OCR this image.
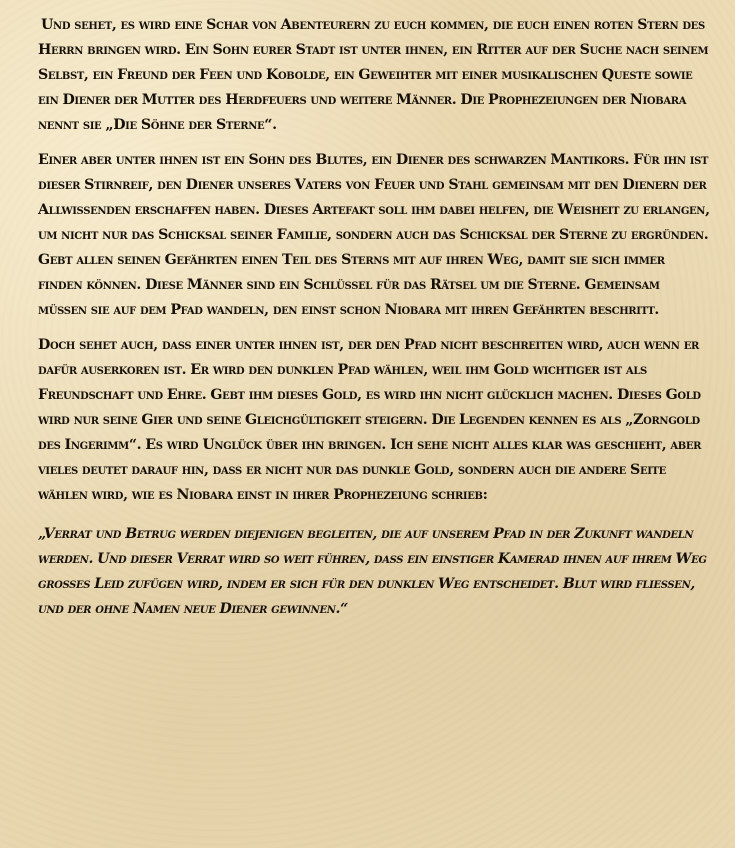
Und sehet, es wird eine Schar von Abenteurern zu euch kommen, die euch einen roten Stern des Herrn bringen wird. Ein Sohn eurer Stadt ist unter ihnen, ein Ritter auf der Suche nach seinem Selbst, ein Freund der Feen und Kobolde, ein Geweihter mit einer musikalischen Queste sowie ein Diener der Mutter des Herdfeuers und weitere Männer. Die Prophezeiungen der Niobara nennt sie „Die Söhne der Sterne“.

Einer aber unter ihnen ist ein Sohn des Blutes, ein Diener des schwarzen Mantikors. Für ihn ist dieser Stirnreif, den Diener unseres Vaters von Feuer und Stahl gemeinsam mit den Dienern der Allwissenden erschaffen haben. Dieses Artefakt soll ihm dabei helfen, die Weisheit zu erlangen, um nicht nur das Schicksal seiner Familie, sondern auch das Schicksal der Sterne zu ergründen. Gebt allen seinen Gefährten einen Teil des Sterns mit auf ihren Weg, damit sie sich immer finden können. Diese Männer sind ein Schlüssel für das Rätsel um die Sterne. Gemeinsam müssen sie auf dem Pfad wandeln, den einst schon Niobara mit ihren Gefährten beschritt.

Doch sehet auch, dass einer unter ihnen ist, der den Pfad nicht beschreiten wird, auch wenn er dafür auserkoren ist. Er wird den dunklen Pfad wählen, weil ihm Gold wichtiger ist als Freundschaft und Ehre. Gebt ihm dieses Gold, es wird ihn nicht glücklich machen. Dieses Gold wird nur seine Gier und seine Gleichgültigkeit steigern. Die Legenden kennen es als „Zorngold des Ingerimm“. Es wird Unglück über ihn bringen. Ich sehe nicht alles klar was geschieht, aber vieles deutet darauf hin, dass er nicht nur das dunkle Gold, sondern auch die andere Seite wählen wird, wie es Niobara einst in ihrer Prophezeiung schrieb:

„Verrat und Betrug werden diejenigen begleiten, die auf unserem Pfad in der Zukunft wandeln werden. Und dieser Verrat wird so weit führen, dass ein einstiger Kamerad ihnen auf ihrem Weg grosses Leid zufügen wird, indem er sich für den dunklen Weg entscheidet. Blut wird fliessen, und der ohne Namen neue Diener gewinnen.“
